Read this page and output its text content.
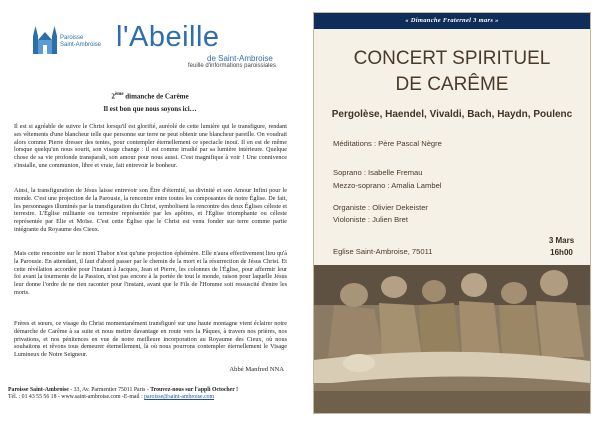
Paroisse
Saint-Ambroise l'Abeille
de Saint-Ambroise
feuille d'informations paroissiales
2ème dimanche de Carême
Il est bon que nous soyons ici…
Il est si agréable de suivre le Christ lorsqu'il est glorifié, auréolé de cette lumière qui le transfigure, rendant ses vêtements d'une blancheur telle que personne sur terre ne peut obtenir une blancheur pareille. On voudrait alors comme Pierre dresser des tentes, pour contempler éternellement ce spectacle inouï. Il en est de même lorsque quelqu'un nous sourit, son visage change : il est comme irradié par sa lumière intérieure. Quelque chose de sa vie profonde transparaît, son amour pour nous aussi. C'est magnifique à voir ! Une connivence s'installe, une communion, libre et vraie, fait entrevoir le bonheur.
Ainsi, la transfiguration de Jésus laisse entrevoir son Être d'éternité, sa divinité et son Amour Infini pour le monde. C'est une projection de la Parousie, la rencontre entre toutes les composantes de notre Église. De fait, les personnages illuminés par la transfiguration du Christ, symbolisent la rencontre des deux Églises céleste et terrestre. L'Église militante ou terrestre représentée par les apôtres, et l'Église triomphante ou céleste représentée par Elie et Moïse. C'est cette Église que le Christ est venu fonder sur terre comme partie intégrante du Royaume des Cieux.
Mais cette rencontre sur le mont Thabor n'est qu'une projection éphémère. Elle n'aura effectivement lieu qu'à la Parousie. En attendant, il faut d'abord passer par le chemin de la mort et la résurrection de Jésus Christ. Et cette révélation accordée pour l'instant à Jacques, Jean et Pierre, les colonnes de l'Église, pour affermir leur foi avant la tourmente de la Passion, n'est pas encore à la portée de tout le monde, raison pour laquelle Jésus leur donne l'ordre de ne rien raconter pour l'instant, avant que le Fils de l'Homme soit ressuscité d'entre les morts.
Frères et sœurs, ce visage du Christ momentanément transfiguré sur une haute montagne vient éclairer notre démarche de Carême à sa suite et nous mettre davantage en route vers la Pâques, à travers nos prières, nos privations, et nos pénitences en vue de notre meilleure incorporation au Royaume des Cieux, où nous souhaitons et rêvons tous demeurer éternellement, là où nous pourrons contempler éternellement le Visage Lumineux de Notre Seigneur.
Abbé Manfred NNA
Paroisse Saint-Ambroise - 33, Av. Parmentier 75011 Paris - Trouvez-nous sur l'appli Octocher !
Tél. : 01 43 55 56 18 - www.saint-ambroise.com -E-mail : paroisse@saint-ambroise.com
« Dimanche Fraternel 3 mars »
CONCERT SPIRITUEL
DE CARÊME
Pergolèse, Haendel, Vivaldi, Bach, Haydn, Poulenc
Méditations : Père Pascal Nègre
Soprano : Isabelle Fremau
Mezzo-soprano : Amalia Lambel
Organiste : Olivier Dekeister
Violoniste : Julien Bret
3 Mars
16h00
Eglise Saint-Ambroise, 75011
